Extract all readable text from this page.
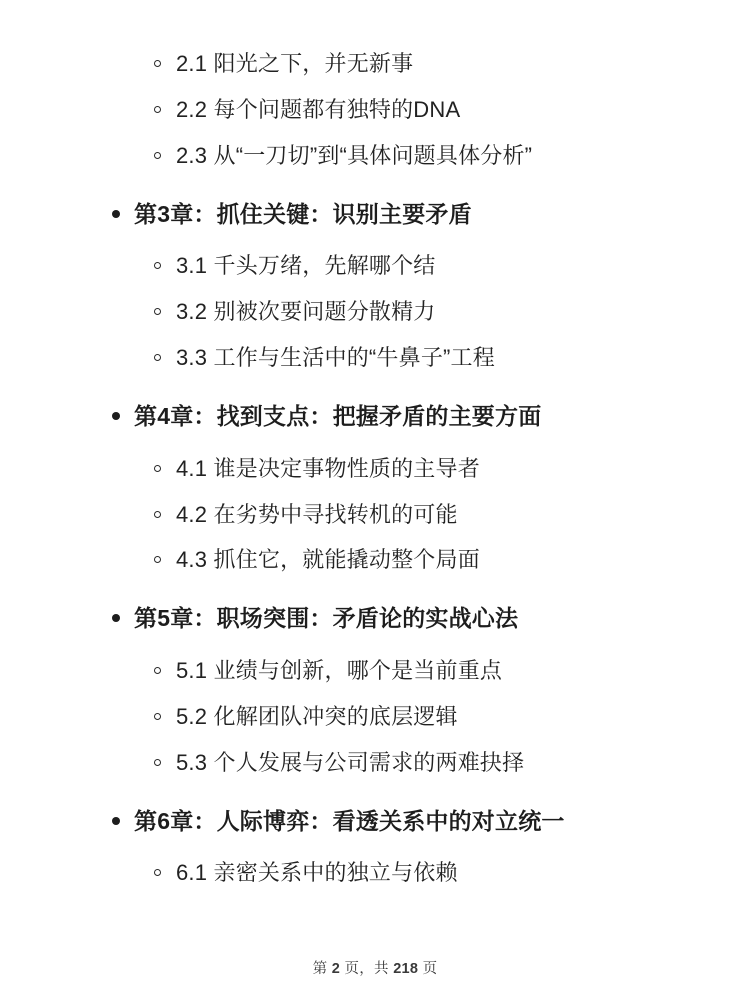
2.1 阳光之下，并无新事
2.2 每个问题都有独特的DNA
2.3 从“一刀切”到“具体问题具体分析”
第3章：抓住关键：识别主要矛盾
3.1 千头万绪，先解哪个结
3.2 别被次要问题分散精力
3.3 工作与生活中的“牛鼻子”工程
第4章：找到支点：把握矛盾的主要方面
4.1 谁是决定事物性质的主导者
4.2 在劣势中寻找转机的可能
4.3 抓住它，就能撬动整个局面
第5章：职场突围：矛盾论的实战心法
5.1 业绩与创新，哪个是当前重点
5.2 化解团队冲突的底层逻辑
5.3 个人发展与公司需求的两难抉择
第6章：人际博弈：看透关系中的对立统一
6.1 亲密关系中的独立与依赖
第 2 页，共 218 页
